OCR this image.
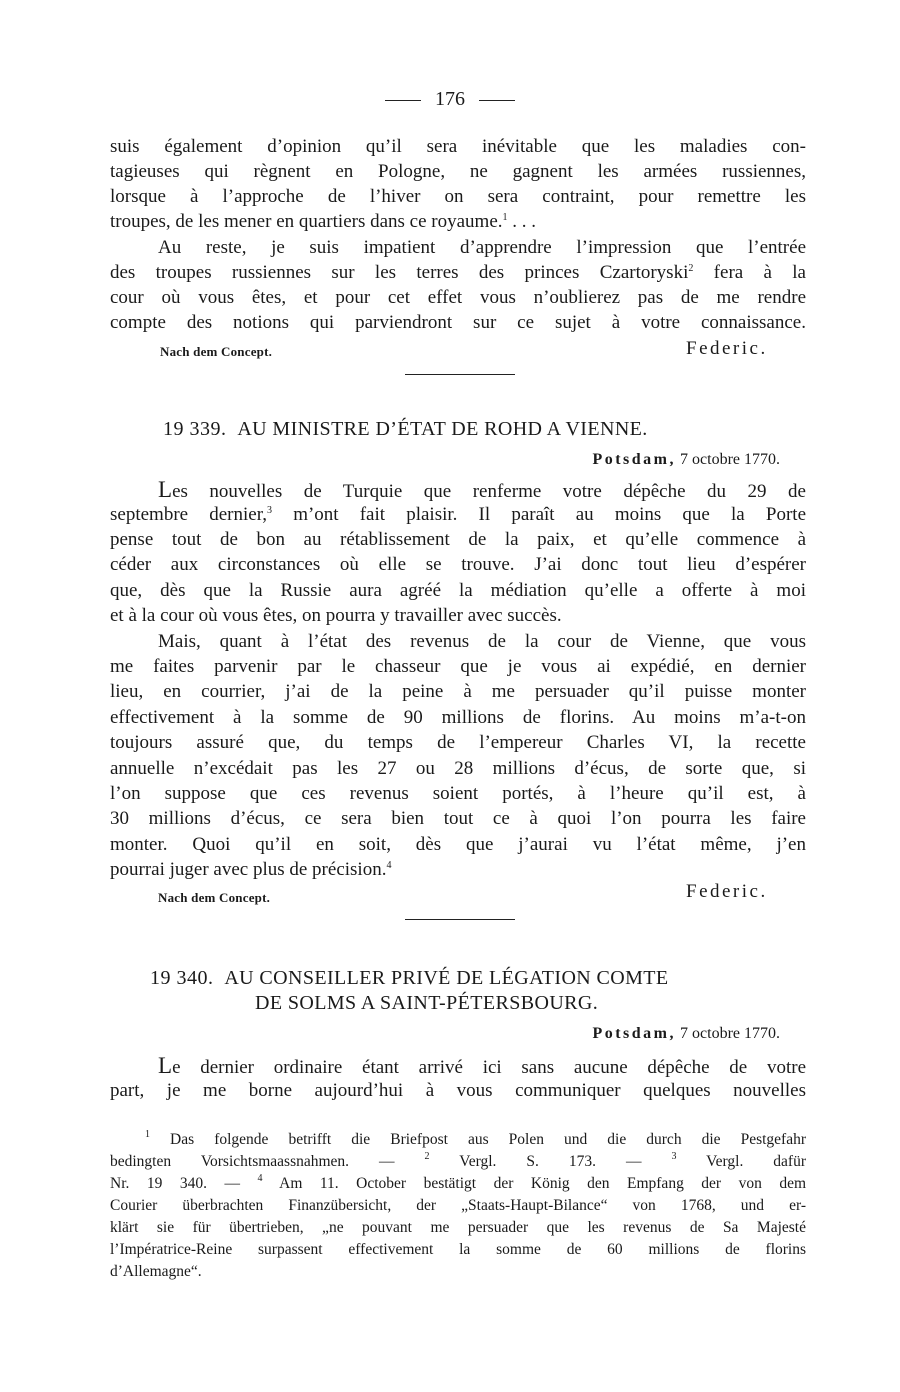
176
suis également d’opinion qu’il sera inévitable que les maladies con-
tagieuses qui règnent en Pologne, ne gagnent les armées russiennes,
lorsque à l’approche de l’hiver on sera contraint, pour remettre les
troupes, de les mener en quartiers dans ce royaume.$^1$ . . .
Au reste, je suis impatient d’apprendre l’impression que l’entrée
des troupes russiennes sur les terres des princes Czartoryski$^2$ fera à la
cour où vous êtes, et pour cet effet vous n’oublierez pas de me rendre
compte des notions qui parviendront sur ce sujet à votre connaissance.
Nach dem Concept.	Federic.
19 339. AU MINISTRE D’ÉTAT DE ROHD A VIENNE.
Potsdam, 7 octobre 1770.
Les nouvelles de Turquie que renferme votre dépêche du 29 de
septembre dernier,$^3$ m’ont fait plaisir. Il paraît au moins que la Porte
pense tout de bon au rétablissement de la paix, et qu’elle commence à
céder aux circonstances où elle se trouve. J’ai donc tout lieu d’espérer
que, dès que la Russie aura agréé la médiation qu’elle a offerte à moi
et à la cour où vous êtes, on pourra y travailler avec succès.
Mais, quant à l’état des revenus de la cour de Vienne, que vous
me faites parvenir par le chasseur que je vous ai expédié, en dernier
lieu, en courrier, j’ai de la peine à me persuader qu’il puisse monter
effectivement à la somme de 90 millions de florins. Au moins m’a-t-on
toujours assuré que, du temps de l’empereur Charles VI, la recette
annuelle n’excédait pas les 27 ou 28 millions d’écus, de sorte que, si
l’on suppose que ces revenus soient portés, à l’heure qu’il est, à
30 millions d’écus, ce sera bien tout ce à quoi l’on pourra les faire
monter. Quoi qu’il en soit, dès que j’aurai vu l’état même, j’en
pourrai juger avec plus de précision.$^4$
Nach dem Concept.	Federic.
19 340. AU CONSEILLER PRIVÉ DE LÉGATION COMTE
DE SOLMS A SAINT-PÉTERSBOURG.
Potsdam, 7 octobre 1770.
Le dernier ordinaire étant arrivé ici sans aucune dépêche de votre
part, je me borne aujourd’hui à vous communiquer quelques nouvelles
$^1$ Das folgende betrifft die Briefpost aus Polen und die durch die Pestgefahr
bedingten Vorsichtsmaassnahmen. —	$^2$ Vergl. S. 173. —	$^3$ Vergl. dafür
Nr. 19 340. — $^4$ Am 11. October bestätigt der König den Empfang der von dem
Courier überbrachten Finanzübersicht, der „Staats-Haupt-Bilance“ von 1768, und er-
klärt sie für übertrieben, „ne pouvant me persuader que les revenus de Sa Majesté
l’Impératrice-Reine surpassent effectivement la somme de 60 millions de florins
d’Allemagne“.
